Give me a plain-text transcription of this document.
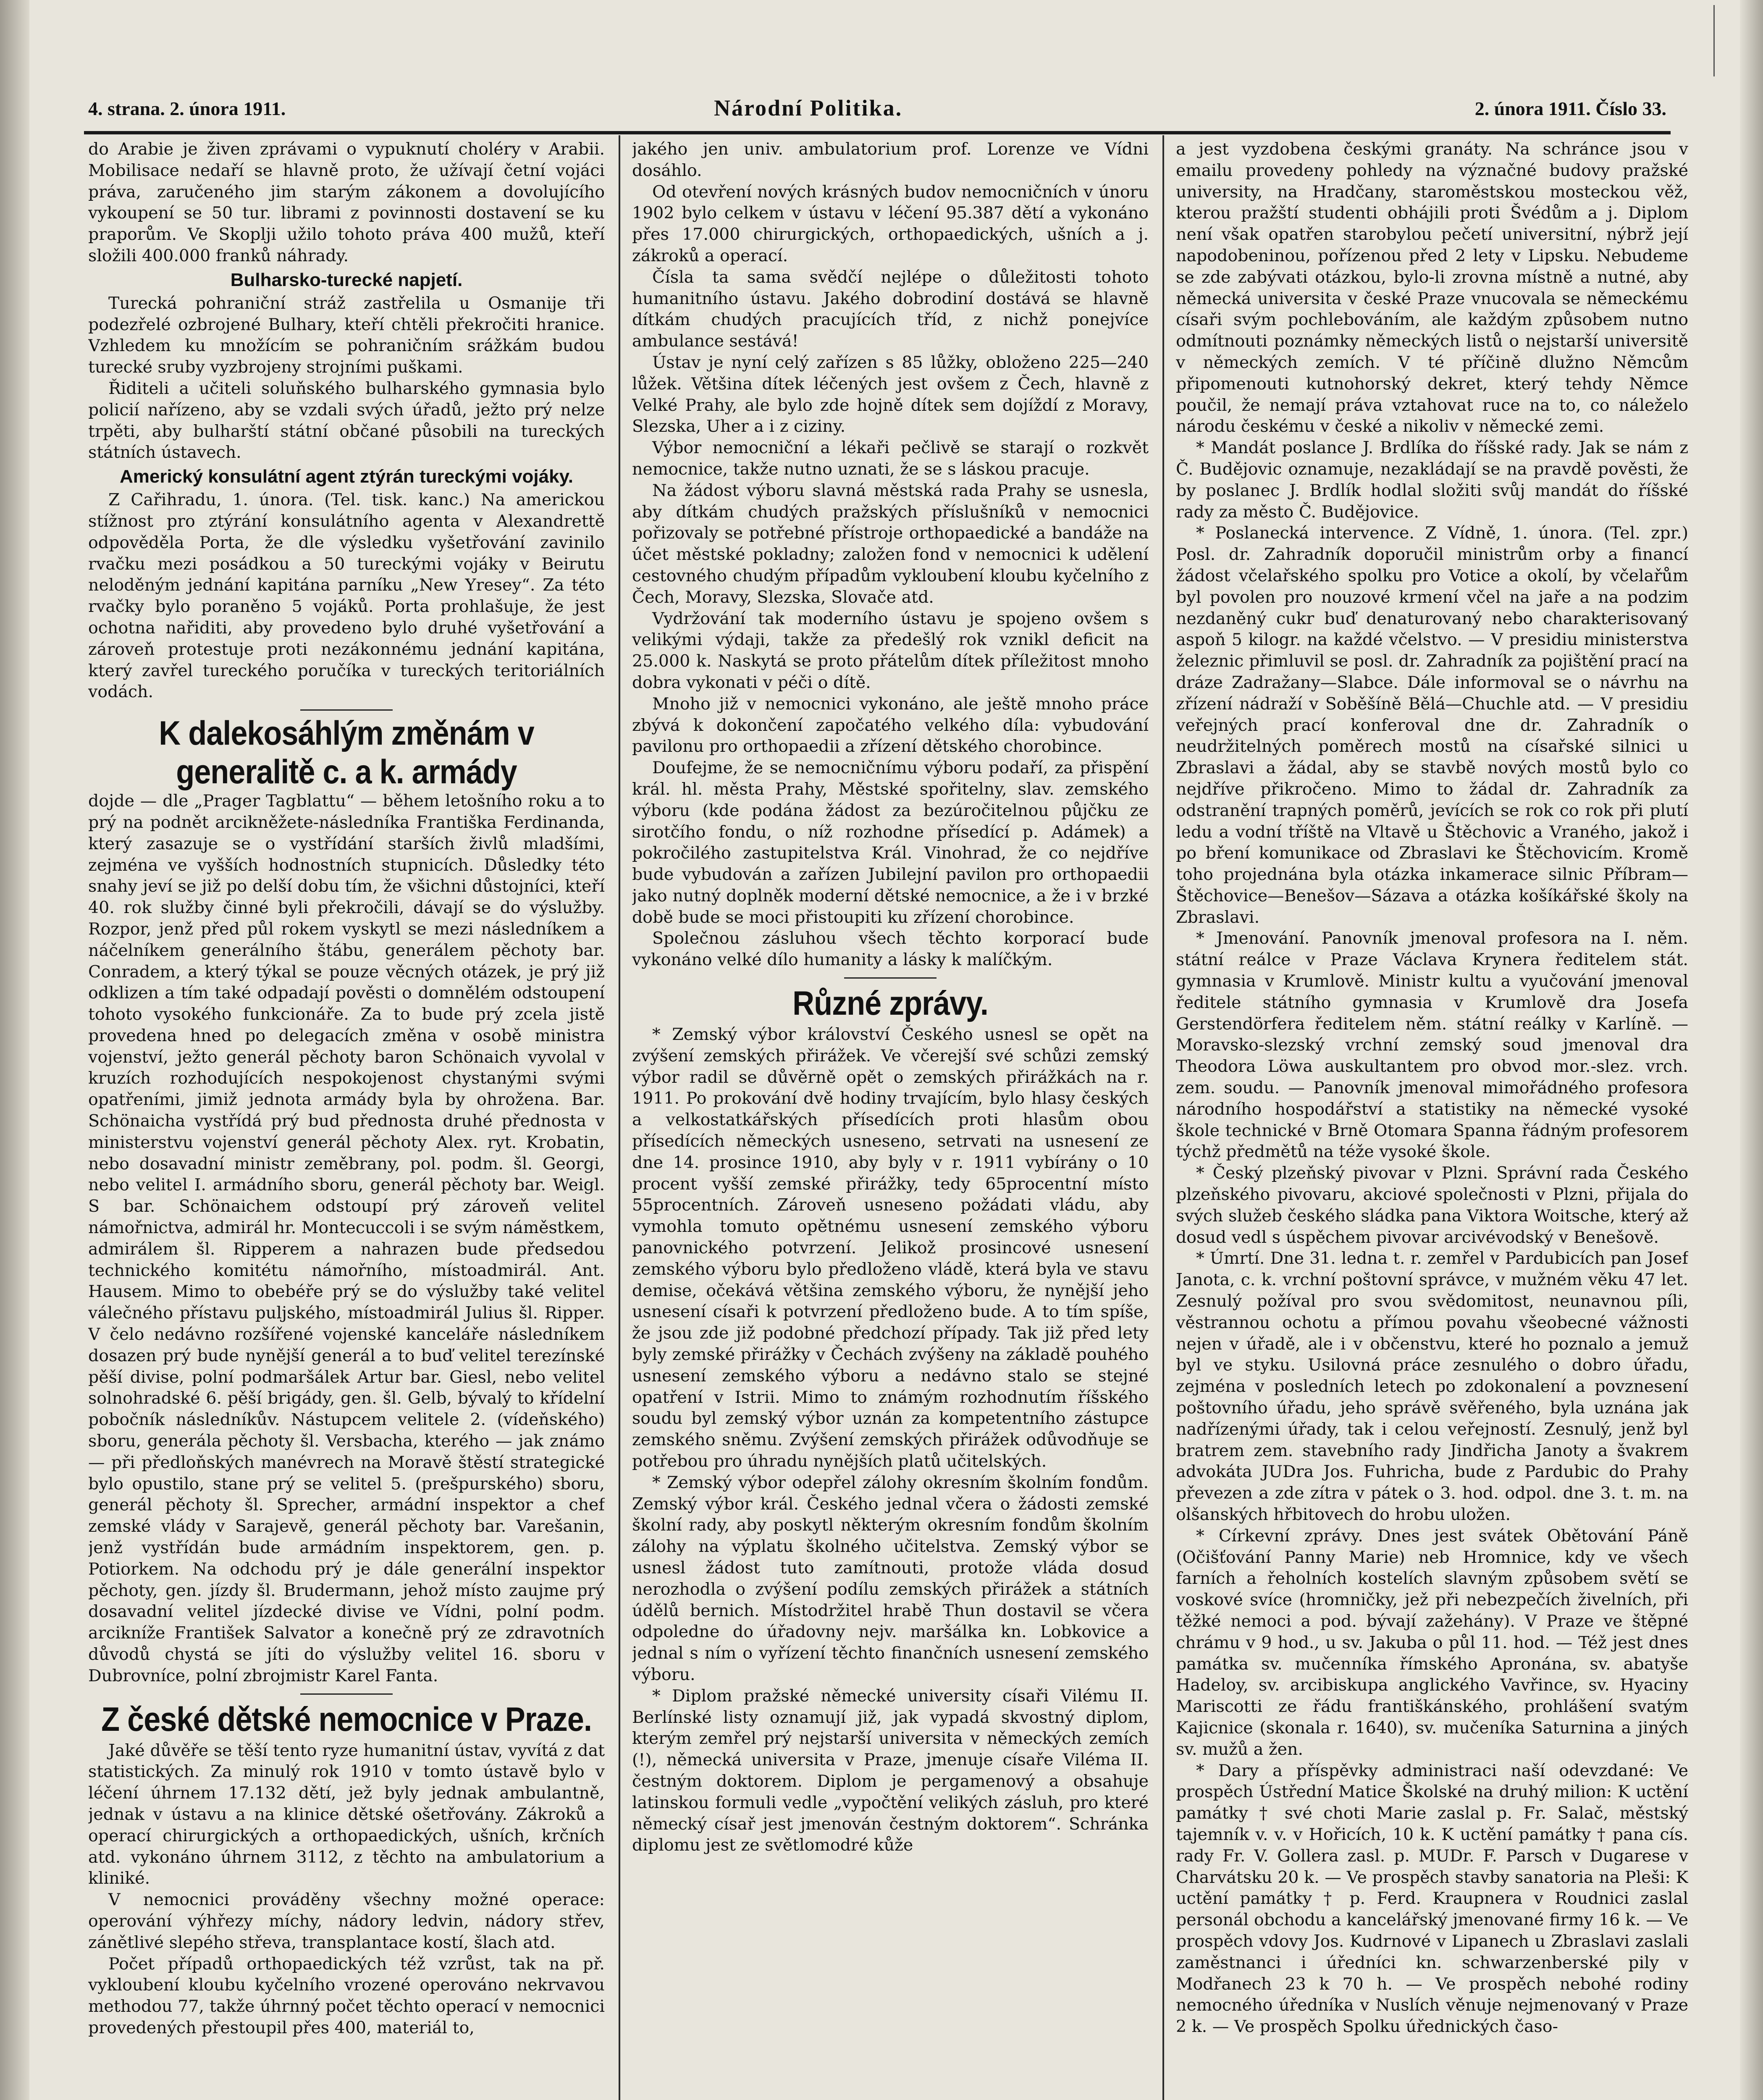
4. strana. 2. února 1911.	Národní Politika.	2. února 1911. Číslo 33.

do Arabie je živen zprávami o vypuknutí choléry v Arabii. Mobilisace nedaří se hlavně proto, že užívají četní vojáci práva, zaručeného jim starým zákonem a dovolujícího vykoupení se 50 tur. librami z povinnosti dostavení se ku praporům. Ve Skoplji užilo tohoto práva 400 mužů, kteří složili 400.000 franků náhrady.

Bulharsko-turecké napjetí.

Turecká pohraniční stráž zastřelila u Osmanije tři podezřelé ozbrojené Bulhary, kteří chtěli překročiti hranice. Vzhledem ku množícím se pohraničním srážkám budou turecké sruby vyzbrojeny strojními puškami.

Řiditeli a učiteli soluňského bulharského gymnasia bylo policií nařízeno, aby se vzdali svých úřadů, ježto prý nelze trpěti, aby bulharští státní občané působili na tureckých státních ústavech.

Americký konsulátní agent ztýrán tureckými vojáky.

Z Cařihradu, 1. února. (Tel. tisk. kanc.) Na americkou stížnost pro ztýrání konsulátního agenta v Alexandrettě odpověděla Porta, že dle výsledku vyšetřování zavinilo rvačku mezi posádkou a 50 tureckými vojáky v Beirutu neloděným jednání kapitána parníku „New Yresey“. Za této rvačky bylo poraněno 5 vojáků. Porta prohlašuje, že jest ochotna nařiditi, aby provedeno bylo druhé vyšetřování a zároveň protestuje proti nezákonnému jednání kapitána, který zavřel tureckého poručíka v tureckých teritoriálních vodách.

K dalekosáhlým změnám v generalitě c. a k. armády

dojde — dle „Prager Tagblattu“ — během letošního roku a to prý na podnět arcikněžete-následníka Františka Ferdinanda, který zasazuje se o vystřídání starších živlů mladšími, zejména ve vyšších hodnostních stupnicích. Důsledky této snahy jeví se již po delší dobu tím, že všichni důstojníci, kteří 40. rok služby činné byli překročili, dávají se do výslužby. Rozpor, jenž před půl rokem vyskytl se mezi následníkem a náčelníkem generálního štábu, generálem pěchoty bar. Conradem, a který týkal se pouze věcných otázek, je prý již odklizen a tím také odpadají pověsti o domnělém odstoupení tohoto vysokého funkcionáře. Za to bude prý zcela jistě provedena hned po delegacích změna v osobě ministra vojenství, ježto generál pěchoty baron Schönaich vyvolal v kruzích rozhodujících nespokojenost chystanými svými opatřeními, jimiž jednota armády byla by ohrožena. Bar. Schönaicha vystřídá prý bud přednosta druhé přednosta v ministerstvu vojenství generál pěchoty Alex. ryt. Krobatin, nebo dosavadní ministr zeměbrany, pol. podm. šl. Georgi, nebo velitel I. armádního sboru, generál pěchoty bar. Weigl. S bar. Schönaichem odstoupí prý zároveň velitel námořnictva, admirál hr. Montecuccoli i se svým náměstkem, admirálem šl. Ripperem a nahrazen bude předsedou technického komitétu námořního, místoadmirál. Ant. Hausem. Mimo to obebéře prý se do výslužby také velitel válečného přístavu puljského, místoadmirál Julius šl. Ripper. V čelo nedávno rozšířené vojenské kanceláře následníkem dosazen prý bude nynější generál a to buď velitel terezínské pěší divise, polní podmaršálek Artur bar. Giesl, nebo velitel solnohradské 6. pěší brigády, gen. šl. Gelb, bývalý to křídelní pobočník následníkův. Nástupcem velitele 2. (vídeňského) sboru, generála pěchoty šl. Versbacha, kterého — jak známo — při předloňských manévrech na Moravě štěstí strategické bylo opustilo, stane prý se velitel 5. (prešpurského) sboru, generál pěchoty šl. Sprecher, armádní inspektor a chef zemské vlády v Sarajevě, generál pěchoty bar. Varešanin, jenž vystřídán bude armádním inspektorem, gen. p. Potiorkem. Na odchodu prý je dále generální inspektor pěchoty, gen. jízdy šl. Brudermann, jehož místo zaujme prý dosavadní velitel jízdecké divise ve Vídni, polní podm. arcikníže František Salvator a konečně prý ze zdravotních důvodů chystá se jíti do výslužby velitel 16. sboru v Dubrovníce, polní zbrojmistr Karel Fanta.

Z české dětské nemocnice v Praze.

Jaké důvěře se těší tento ryze humanitní ústav, vyvítá z dat statistických. Za minulý rok 1910 v tomto ústavě bylo v léčení úhrnem 17.132 dětí, jež byly jednak ambulantně, jednak v ústavu a na klinice dětské ošetřovány. Zákroků a operací chirurgických a orthopaedických, ušních, krčních atd. vykonáno úhrnem 3112, z těchto na ambulatorium a kliniké.

V nemocnici prováděny všechny možné operace: operování výhřezy míchy, nádory ledvin, nádory střev, zánětlivé slepého střeva, transplantace kostí, šlach atd.

Počet případů orthopaedických též vzrůst, tak na př. vykloubení kloubu kyčelního vrozené operováno nekrvavou methodou 77, takže úhrnný počet těchto operací v nemocnici provedených přestoupil přes 400, materiál to,

jakého jen univ. ambulatorium prof. Lorenze ve Vídni dosáhlo.

Od otevření nových krásných budov nemocničních v únoru 1902 bylo celkem v ústavu v léčení 95.387 dětí a vykonáno přes 17.000 chirurgických, orthopaedických, ušních a j. zákroků a operací.

Čísla ta sama svědčí nejlépe o důležitosti tohoto humanitního ústavu. Jakého dobrodiní dostává se hlavně dítkám chudých pracujících tříd, z nichž ponejvíce ambulance sestává!

Ústav je nyní celý zařízen s 85 lůžky, obloženo 225—240 lůžek. Většina dítek léčených jest ovšem z Čech, hlavně z Velké Prahy, ale bylo zde hojně dítek sem dojíždí z Moravy, Slezska, Uher a i z ciziny.

Výbor nemocniční a lékaři pečlivě se starají o rozkvět nemocnice, takže nutno uznati, že se s láskou pracuje.

Na žádost výboru slavná městská rada Prahy se usnesla, aby dítkám chudých pražských příslušníků v nemocnici pořizovaly se potřebné přístroje orthopaedické a bandáže na účet městské pokladny; založen fond v nemocnici k udělení cestovného chudým případům vykloubení kloubu kyčelního z Čech, Moravy, Slezska, Slovače atd.

Vydržování tak moderního ústavu je spojeno ovšem s velikými výdaji, takže za předešlý rok vznikl deficit na 25.000 k. Naskytá se proto přátelům dítek příležitost mnoho dobra vykonati v péči o dítě.

Mnoho již v nemocnici vykonáno, ale ještě mnoho práce zbývá k dokončení započatého velkého díla: vybudování pavilonu pro orthopaedii a zřízení dětského chorobince.

Doufejme, že se nemocničnímu výboru podaří, za přispění král. hl. města Prahy, Městské spořitelny, slav. zemského výboru (kde podána žádost za bezúročitelnou půjčku ze sirotčího fondu, o níž rozhodne přísedící p. Adámek) a pokročilého zastupitelstva Král. Vinohrad, že co nejdříve bude vybudován a zařízen Jubilejní pavilon pro orthopaedii jako nutný doplněk moderní dětské nemocnice, a že i v brzké době bude se moci přistoupiti ku zřízení chorobince.

Společnou zásluhou všech těchto korporací bude vykonáno velké dílo humanity a lásky k malíčkým.

Různé zprávy.

* Zemský výbor království Českého usnesl se opět na zvýšení zemských přirážek. Ve včerejší své schůzi zemský výbor radil se důvěrně opět o zemských přirážkách na r. 1911. Po prokování dvě hodiny trvajícím, bylo hlasy českých a velkostatkářských přísedících proti hlasům obou přísedících německých usneseno, setrvati na usnesení ze dne 14. prosince 1910, aby byly v r. 1911 vybírány o 10 procent vyšší zemské přirážky, tedy 65procentní místo 55procentních. Zároveň usneseno požádati vládu, aby vymohla tomuto opětnému usnesení zemského výboru panovnického potvrzení. Jelikož prosincové usnesení zemského výboru bylo předloženo vládě, která byla ve stavu demise, očekává většina zemského výboru, že nynější jeho usnesení císaři k potvrzení předloženo bude. A to tím spíše, že jsou zde již podobné předchozí případy. Tak již před lety byly zemské přirážky v Čechách zvýšeny na základě pouhého usnesení zemského výboru a nedávno stalo se stejné opatření v Istrii. Mimo to známým rozhodnutím říšského soudu byl zemský výbor uznán za kompetentního zástupce zemského sněmu. Zvýšení zemských přirážek odůvodňuje se potřebou pro úhradu nynějších platů učitelských.

* Zemský výbor odepřel zálohy okresním školním fondům. Zemský výbor král. Českého jednal včera o žádosti zemské školní rady, aby poskytl některým okresním fondům školním zálohy na výplatu školného učitelstva. Zemský výbor se usnesl žádost tuto zamítnouti, protože vláda dosud nerozhodla o zvýšení podílu zemských přirážek a státních údělů bernich. Místodržitel hrabě Thun dostavil se včera odpoledne do úřadovny nejv. maršálka kn. Lobkovice a jednal s ním o vyřízení těchto finančních usnesení zemského výboru.

* Diplom pražské německé university císaři Vilému II. Berlínské listy oznamují již, jak vypadá skvostný diplom, kterým zemřel prý nejstarší universita v německých zemích (!), německá universita v Praze, jmenuje císaře Viléma II. čestným doktorem. Diplom je pergamenový a obsahuje latinskou formuli vedle „vypočtění velikých zásluh, pro které německý císař jest jmenován čestným doktorem“. Schránka diplomu jest ze světlomodré kůže

a jest vyzdobena českými granáty. Na schránce jsou v emailu provedeny pohledy na význačné budovy pražské university, na Hradčany, staroměstskou mosteckou věž, kterou pražští studenti obhájili proti Švédům a j. Diplom není však opatřen starobylou pečetí universitní, nýbrž její napodobeninou, pořízenou před 2 lety v Lipsku. Nebudeme se zde zabývati otázkou, bylo-li zrovna místně a nutné, aby německá universita v české Praze vnucovala se německému císaři svým pochlebováním, ale každým způsobem nutno odmítnouti poznámky německých listů o nejstarší universitě v německých zemích. V té příčině dlužno Němcům připomenouti kutnohorský dekret, který tehdy Němce poučil, že nemají práva vztahovat ruce na to, co náleželo národu českému v české a nikoliv v německé zemi.

* Mandát poslance J. Brdlíka do říšské rady. Jak se nám z Č. Budějovic oznamuje, nezakládají se na pravdě pověsti, že by poslanec J. Brdlík hodlal složiti svůj mandát do říšské rady za město Č. Budějovice.

* Poslanecká intervence. Z Vídně, 1. února. (Tel. zpr.) Posl. dr. Zahradník doporučil ministrům orby a financí žádost včelařského spolku pro Votice a okolí, by včelařům byl povolen pro nouzové krmení včel na jaře a na podzim nezdaněný cukr buď denaturovaný nebo charakterisovaný aspoň 5 kilogr. na každé včelstvo. — V presidiu ministerstva železnic přimluvil se posl. dr. Zahradník za pojištění prací na dráze Zadražany—Slabce. Dále informoval se o návrhu na zřízení nádraží v Soběšíně Bělá—Chuchle atd. — V presidiu veřejných prací konferoval dne dr. Zahradník o neudržitelných poměrech mostů na císařské silnici u Zbraslavi a žádal, aby se stavbě nových mostů bylo co nejdříve přikročeno. Mimo to žádal dr. Zahradník za odstranění trapných poměrů, jevících se rok co rok při plutí ledu a vodní tříště na Vltavě u Štěchovic a Vraného, jakož i po bření komunikace od Zbraslavi ke Štěchovicím. Kromě toho projednána byla otázka inkamerace silnic Příbram—Štěchovice—Benešov—Sázava a otázka košíkářské školy na Zbraslavi.

* Jmenování. Panovník jmenoval profesora na I. něm. státní reálce v Praze Václava Krynera ředitelem stát. gymnasia v Krumlově. Ministr kultu a vyučování jmenoval ředitele státního gymnasia v Krumlově dra Josefa Gerstendörfera ředitelem něm. státní reálky v Karlíně. — Moravsko-slezský vrchní zemský soud jmenoval dra Theodora Löwa auskultantem pro obvod mor.-slez. vrch. zem. soudu. — Panovník jmenoval mimořádného profesora národního hospodářství a statistiky na německé vysoké škole technické v Brně Otomara Spanna řádným profesorem týchž předmětů na téže vysoké škole.

* Český plzeňský pivovar v Plzni. Správní rada Českého plzeňského pivovaru, akciové společnosti v Plzni, přijala do svých služeb českého sládka pana Viktora Woitsche, který až dosud vedl s úspěchem pivovar arcivévodský v Benešově.

* Úmrtí. Dne 31. ledna t. r. zemřel v Pardubicích pan Josef Janota, c. k. vrchní poštovní správce, v mužném věku 47 let. Zesnulý požíval pro svou svědomitost, neunavnou píli, věstrannou ochotu a přímou povahu všeobecné vážnosti nejen v úřadě, ale i v občenstvu, které ho poznalo a jemuž byl ve styku. Usilovná práce zesnulého o dobro úřadu, zejména v posledních letech po zdokonalení a povznesení poštovního úřadu, jeho správě svěřeného, byla uznána jak nadřízenými úřady, tak i celou veřejností. Zesnulý, jenž byl bratrem zem. stavebního rady Jindřicha Janoty a švakrem advokáta JUDra Jos. Fuhricha, bude z Pardubic do Prahy převezen a zde zítra v pátek o 3. hod. odpol. dne 3. t. m. na olšanských hřbitovech do hrobu uložen.

* Církevní zprávy. Dnes jest svátek Obětování Páně (Očišťování Panny Marie) neb Hromnice, kdy ve všech farních a řeholních kostelích slavným způsobem světí se voskové svíce (hromničky, jež při nebezpečích živelních, při těžké nemoci a pod. bývají zažehány). V Praze ve štěpné chrámu v 9 hod., u sv. Jakuba o půl 11. hod. — Též jest dnes památka sv. mučenníka římského Apronána, sv. abatyše Hadeloy, sv. arcibiskupa anglického Vavřince, sv. Hyaciny Mariscotti ze řádu františkánského, prohlášení svatým Kajicnice (skonala r. 1640), sv. mučeníka Saturnina a jiných sv. mužů a žen.

* Dary a příspěvky administraci naší odevzdané: Ve prospěch Ústřední Matice Školské na druhý milion: K uctění památky † své choti Marie zaslal p. Fr. Salač, městský tajemník v. v. v Hořicích, 10 k. K uctění památky † pana cís. rady Fr. V. Gollera zasl. p. MUDr. F. Parsch v Dugarese v Charvátsku 20 k. — Ve prospěch stavby sanatoria na Pleši: K uctění památky † p. Ferd. Kraupnera v Roudnici zaslal personál obchodu a kancelářský jmenované firmy 16 k. — Ve prospěch vdovy Jos. Kudrnové v Lipanech u Zbraslavi zaslali zaměstnanci i úředníci kn. schwarzenberské pily v Modřanech 23 k 70 h. — Ve prospěch nebohé rodiny nemocného úředníka v Nuslích věnuje nejmenovaný v Praze 2 k. — Ve prospěch Spolku úřednických časo-
